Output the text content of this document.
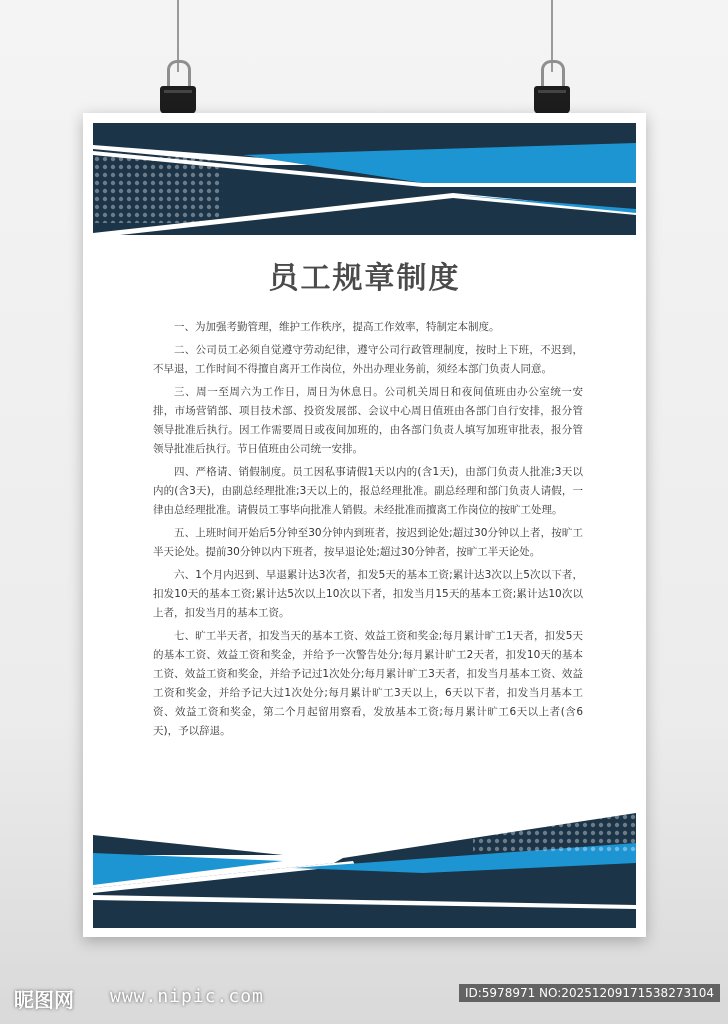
员工规章制度

一、为加强考勤管理，维护工作秩序，提高工作效率，特制定本制度。

二、公司员工必须自觉遵守劳动纪律，遵守公司行政管理制度，按时上下班，不迟到，不早退，工作时间不得擅自离开工作岗位，外出办理业务前，须经本部门负责人同意。

三、周一至周六为工作日，周日为休息日。公司机关周日和夜间值班由办公室统一安排，市场营销部、项目技术部、投资发展部、会议中心周日值班由各部门自行安排，报分管领导批准后执行。因工作需要周日或夜间加班的，由各部门负责人填写加班审批表，报分管领导批准后执行。节日值班由公司统一安排。

四、严格请、销假制度。员工因私事请假1天以内的(含1天)，由部门负责人批准;3天以内的(含3天)，由副总经理批准;3天以上的，报总经理批准。副总经理和部门负责人请假，一律由总经理批准。请假员工事毕向批准人销假。未经批准而擅离工作岗位的按旷工处理。

五、上班时间开始后5分钟至30分钟内到班者，按迟到论处;超过30分钟以上者，按旷工半天论处。提前30分钟以内下班者，按早退论处;超过30分钟者，按旷工半天论处。

六、1个月内迟到、早退累计达3次者，扣发5天的基本工资;累计达3次以上5次以下者，扣发10天的基本工资;累计达5次以上10次以下者，扣发当月15天的基本工资;累计达10次以上者，扣发当月的基本工资。

七、旷工半天者，扣发当天的基本工资、效益工资和奖金;每月累计旷工1天者，扣发5天的基本工资、效益工资和奖金，并给予一次警告处分;每月累计旷工2天者，扣发10天的基本工资、效益工资和奖金，并给予记过1次处分;每月累计旷工3天者，扣发当月基本工资、效益工资和奖金，并给予记大过1次处分;每月累计旷工3天以上，6天以下者，扣发当月基本工资、效益工资和奖金，第二个月起留用察看，发放基本工资;每月累计旷工6天以上者(含6天)，予以辞退。

昵图网 www.nipic.com	ID:5978971 NO:20251209171538273104
